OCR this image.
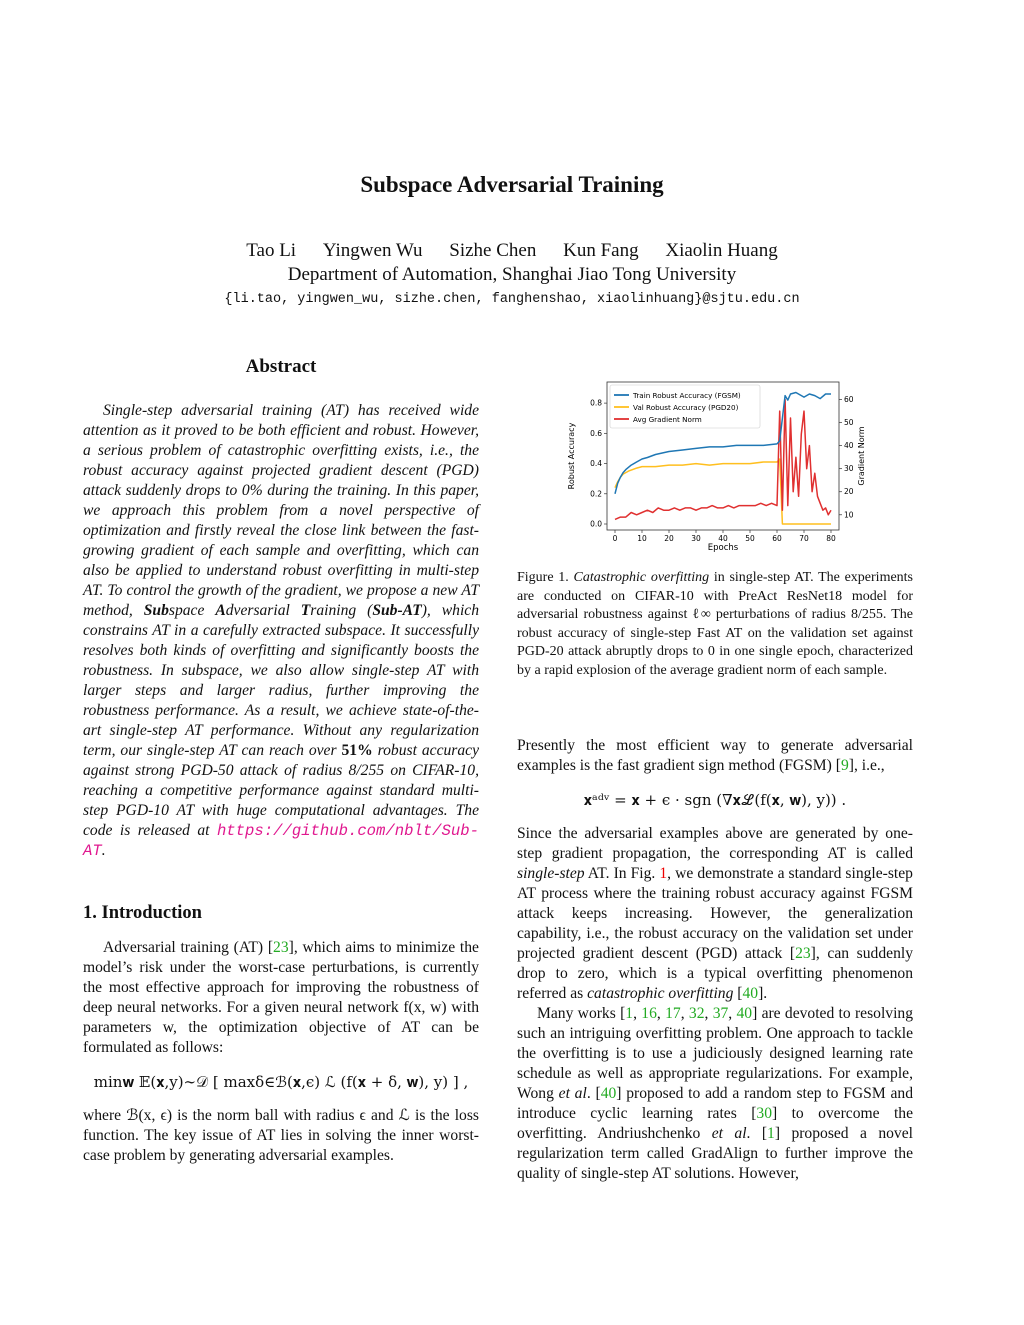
Subspace Adversarial Training
Tao Li Yingwen Wu Sizhe Chen Kun Fang Xiaolin Huang
Department of Automation, Shanghai Jiao Tong University
{li.tao, yingwen_wu, sizhe.chen, fanghenshao, xiaolinhuang}@sjtu.edu.cn
Abstract
Single-step adversarial training (AT) has received wide attention as it proved to be both efficient and robust. However, a serious problem of catastrophic overfitting exists, i.e., the robust accuracy against projected gradient descent (PGD) attack suddenly drops to 0% during the training. In this paper, we approach this problem from a novel perspective of optimization and firstly reveal the close link between the fast-growing gradient of each sample and overfitting, which can also be applied to understand robust overfitting in multi-step AT. To control the growth of the gradient, we propose a new AT method, Subspace Adversarial Training (Sub-AT), which constrains AT in a carefully extracted subspace. It successfully resolves both kinds of overfitting and significantly boosts the robustness. In subspace, we also allow single-step AT with larger steps and larger radius, further improving the robustness performance. As a result, we achieve state-of-the-art single-step AT performance. Without any regularization term, our single-step AT can reach over 51% robust accuracy against strong PGD-50 attack of radius 8/255 on CIFAR-10, reaching a competitive performance against standard multi-step PGD-10 AT with huge computational advantages. The code is released at https://github.com/nblt/Sub-AT.
1. Introduction

Adversarial training (AT) [23], which aims to minimize the model’s risk under the worst-case perturbations, is currently the most effective approach for improving the robustness of deep neural networks. For a given neural network f(x, w) with parameters w, the optimization objective of AT can be formulated as follows:

min𝐰 𝔼(𝐱,y)∼𝒟 [ maxδ∈ℬ(𝐱,ϵ) ℒ (f(𝐱 + δ, 𝐰), y) ] ,

where ℬ(x, ϵ) is the norm ball with radius ϵ and ℒ is the loss function. The key issue of AT lies in solving the inner worst-case problem by generating adversarial examples.

0	10 20 30 40 50 60 70 80
0.0
0.2
0.4
0.6
0.8
10
20
30
40
50
60
Epochs
Robust Accuracy	Gradient Norm
Train Robust Accuracy (FGSM)
Val Robust Accuracy (PGD20)
Avg Gradient Norm
Figure 1. Catastrophic overfitting in single-step AT. The experiments are conducted on CIFAR-10 with PreAct ResNet18 model for adversarial robustness against ℓ∞ perturbations of radius 8/255. The robust accuracy of single-step Fast AT on the validation set against PGD-20 attack abruptly drops to 0 in one single epoch, characterized by a rapid explosion of the average gradient norm of each sample.

Presently the most efficient way to generate adversarial examples is the fast gradient sign method (FGSM) [9], i.e.,

𝐱ᵃᵈᵛ = 𝐱 + ϵ · sgn (∇𝐱ℒ(f(𝐱, 𝐰), y)) .

Since the adversarial examples above are generated by one-step gradient propagation, the corresponding AT is called single-step AT. In Fig. 1, we demonstrate a standard single-step AT process where the training robust accuracy against FGSM attack keeps increasing. However, the generalization capability, i.e., the robust accuracy on the validation set under projected gradient descent (PGD) attack [23], can suddenly drop to zero, which is a typical overfitting phenomenon referred as catastrophic overfitting [40].

Many works [1, 16, 17, 32, 37, 40] are devoted to resolving such an intriguing overfitting problem. One approach to tackle the overfitting is to use a judiciously designed learning rate schedule as well as appropriate regularizations. For example, Wong et al. [40] proposed to add a random step to FGSM and introduce cyclic learning rates [30] to overcome the overfitting. Andriushchenko et al. [1] proposed a novel regularization term called GradAlign to further improve the quality of single-step AT solutions. However,
